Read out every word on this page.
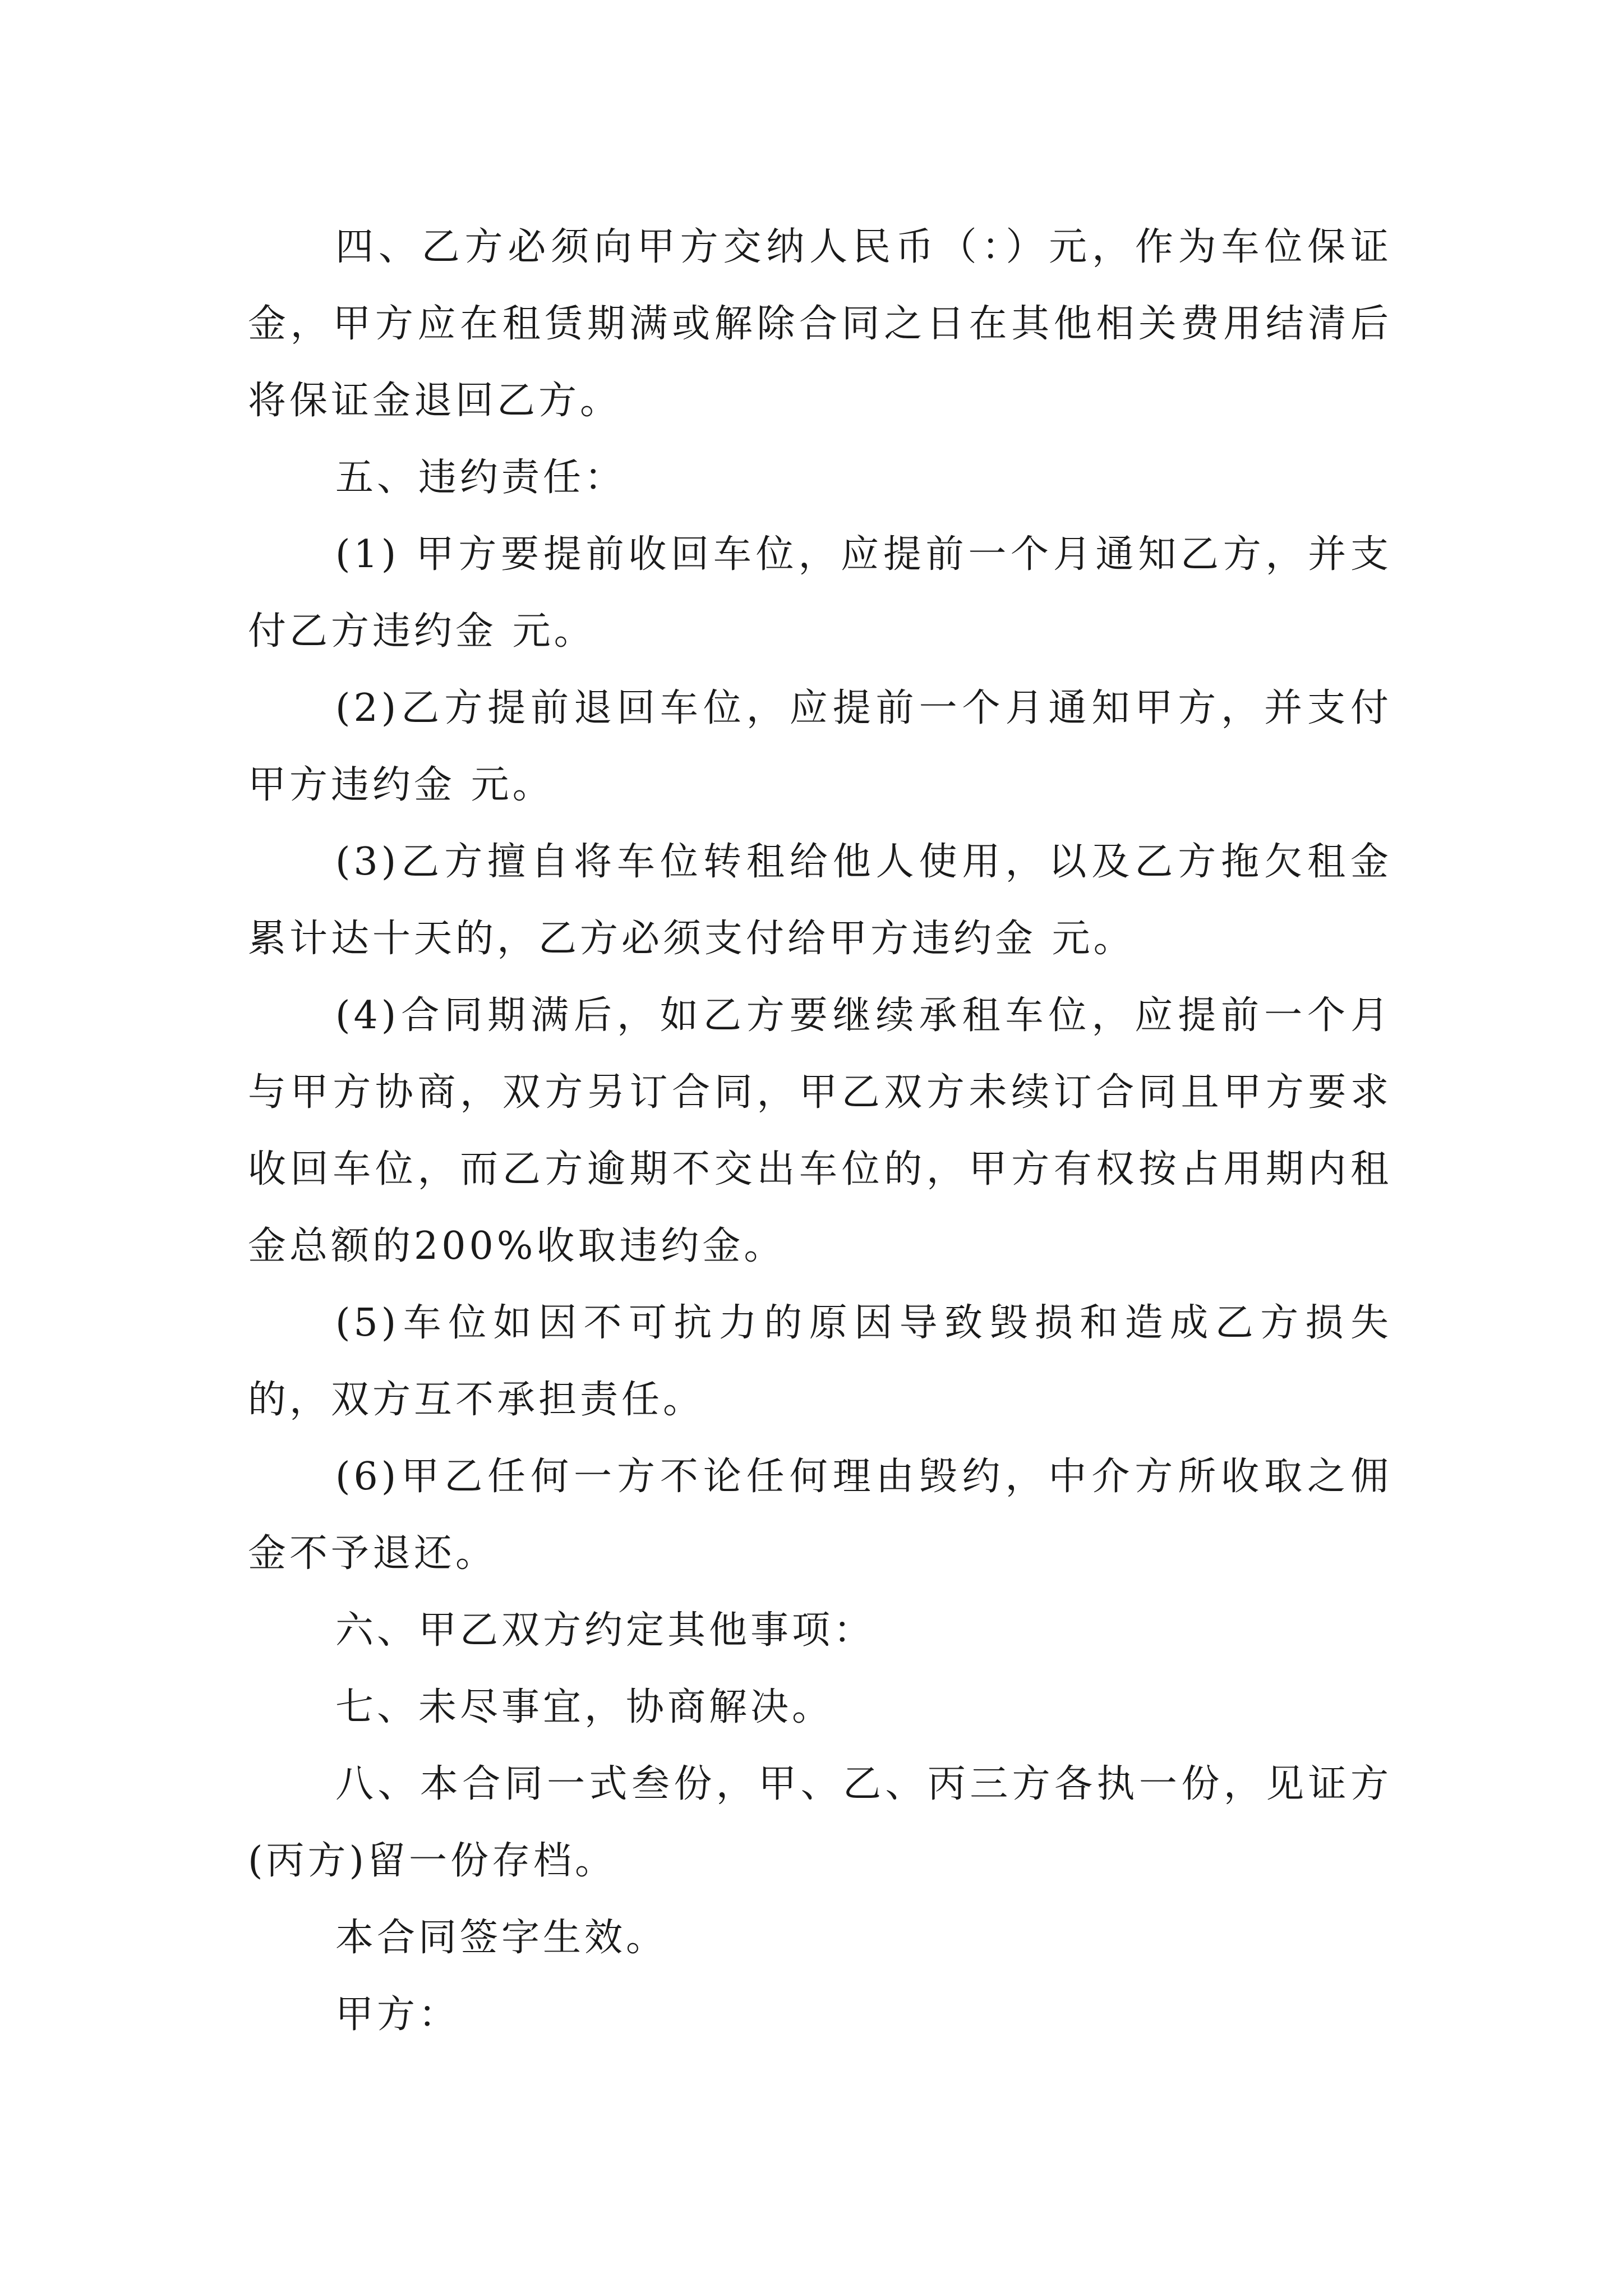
四、乙方必须向甲方交纳人民币（：）元，作为车位保证金，甲方应在租赁期满或解除合同之日在其他相关费用结清后将保证金退回乙方。

五、违约责任：

(1) 甲方要提前收回车位，应提前一个月通知乙方，并支付乙方违约金 元。

(2)乙方提前退回车位，应提前一个月通知甲方，并支付甲方违约金 元。

(3)乙方擅自将车位转租给他人使用，以及乙方拖欠租金累计达十天的，乙方必须支付给甲方违约金 元。

(4)合同期满后，如乙方要继续承租车位，应提前一个月与甲方协商，双方另订合同，甲乙双方未续订合同且甲方要求收回车位，而乙方逾期不交出车位的，甲方有权按占用期内租金总额的200%收取违约金。

(5)车位如因不可抗力的原因导致毁损和造成乙方损失的，双方互不承担责任。

(6)甲乙任何一方不论任何理由毁约，中介方所收取之佣金不予退还。

六、甲乙双方约定其他事项：

七、未尽事宜，协商解决。

八、本合同一式叁份，甲、乙、丙三方各执一份，见证方(丙方)留一份存档。

本合同签字生效。

甲方：
